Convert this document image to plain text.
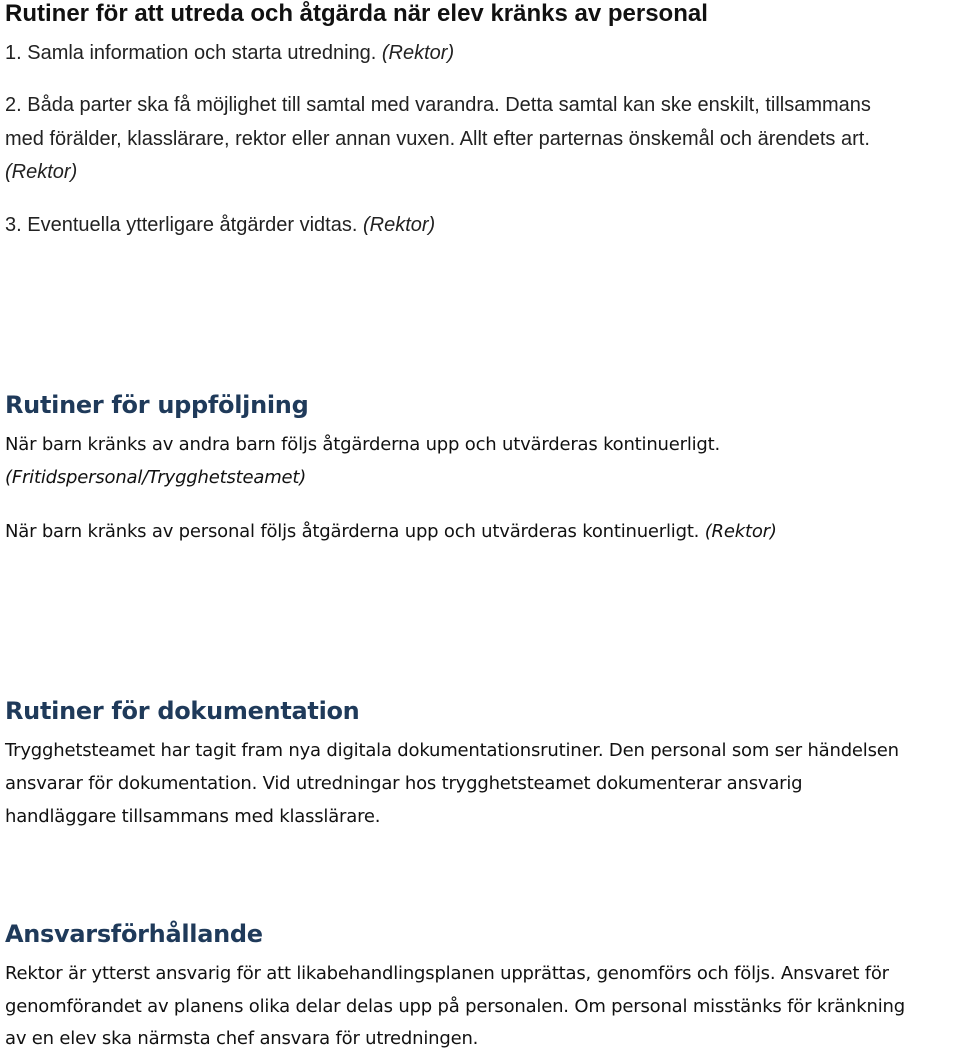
Rutiner för att utreda och åtgärda när elev kränks av personal
1. Samla information och starta utredning. (Rektor)
2. Båda parter ska få möjlighet till samtal med varandra. Detta samtal kan ske enskilt, tillsammans
med förälder, klasslärare, rektor eller annan vuxen. Allt efter parternas önskemål och ärendets art.
(Rektor)
3. Eventuella ytterligare åtgärder vidtas. (Rektor)
Rutiner för uppföljning
När barn kränks av andra barn följs åtgärderna upp och utvärderas kontinuerligt.
(Fritidspersonal/Trygghetsteamet)
När barn kränks av personal följs åtgärderna upp och utvärderas kontinuerligt. (Rektor)
Rutiner för dokumentation
Trygghetsteamet har tagit fram nya digitala dokumentationsrutiner. Den personal som ser händelsen
ansvarar för dokumentation. Vid utredningar hos trygghetsteamet dokumenterar ansvarig
handläggare tillsammans med klasslärare.
Ansvarsförhållande
Rektor är ytterst ansvarig för att likabehandlingsplanen upprättas, genomförs och följs. Ansvaret för
genomförandet av planens olika delar delas upp på personalen. Om personal misstänks för kränkning
av en elev ska närmsta chef ansvara för utredningen.
